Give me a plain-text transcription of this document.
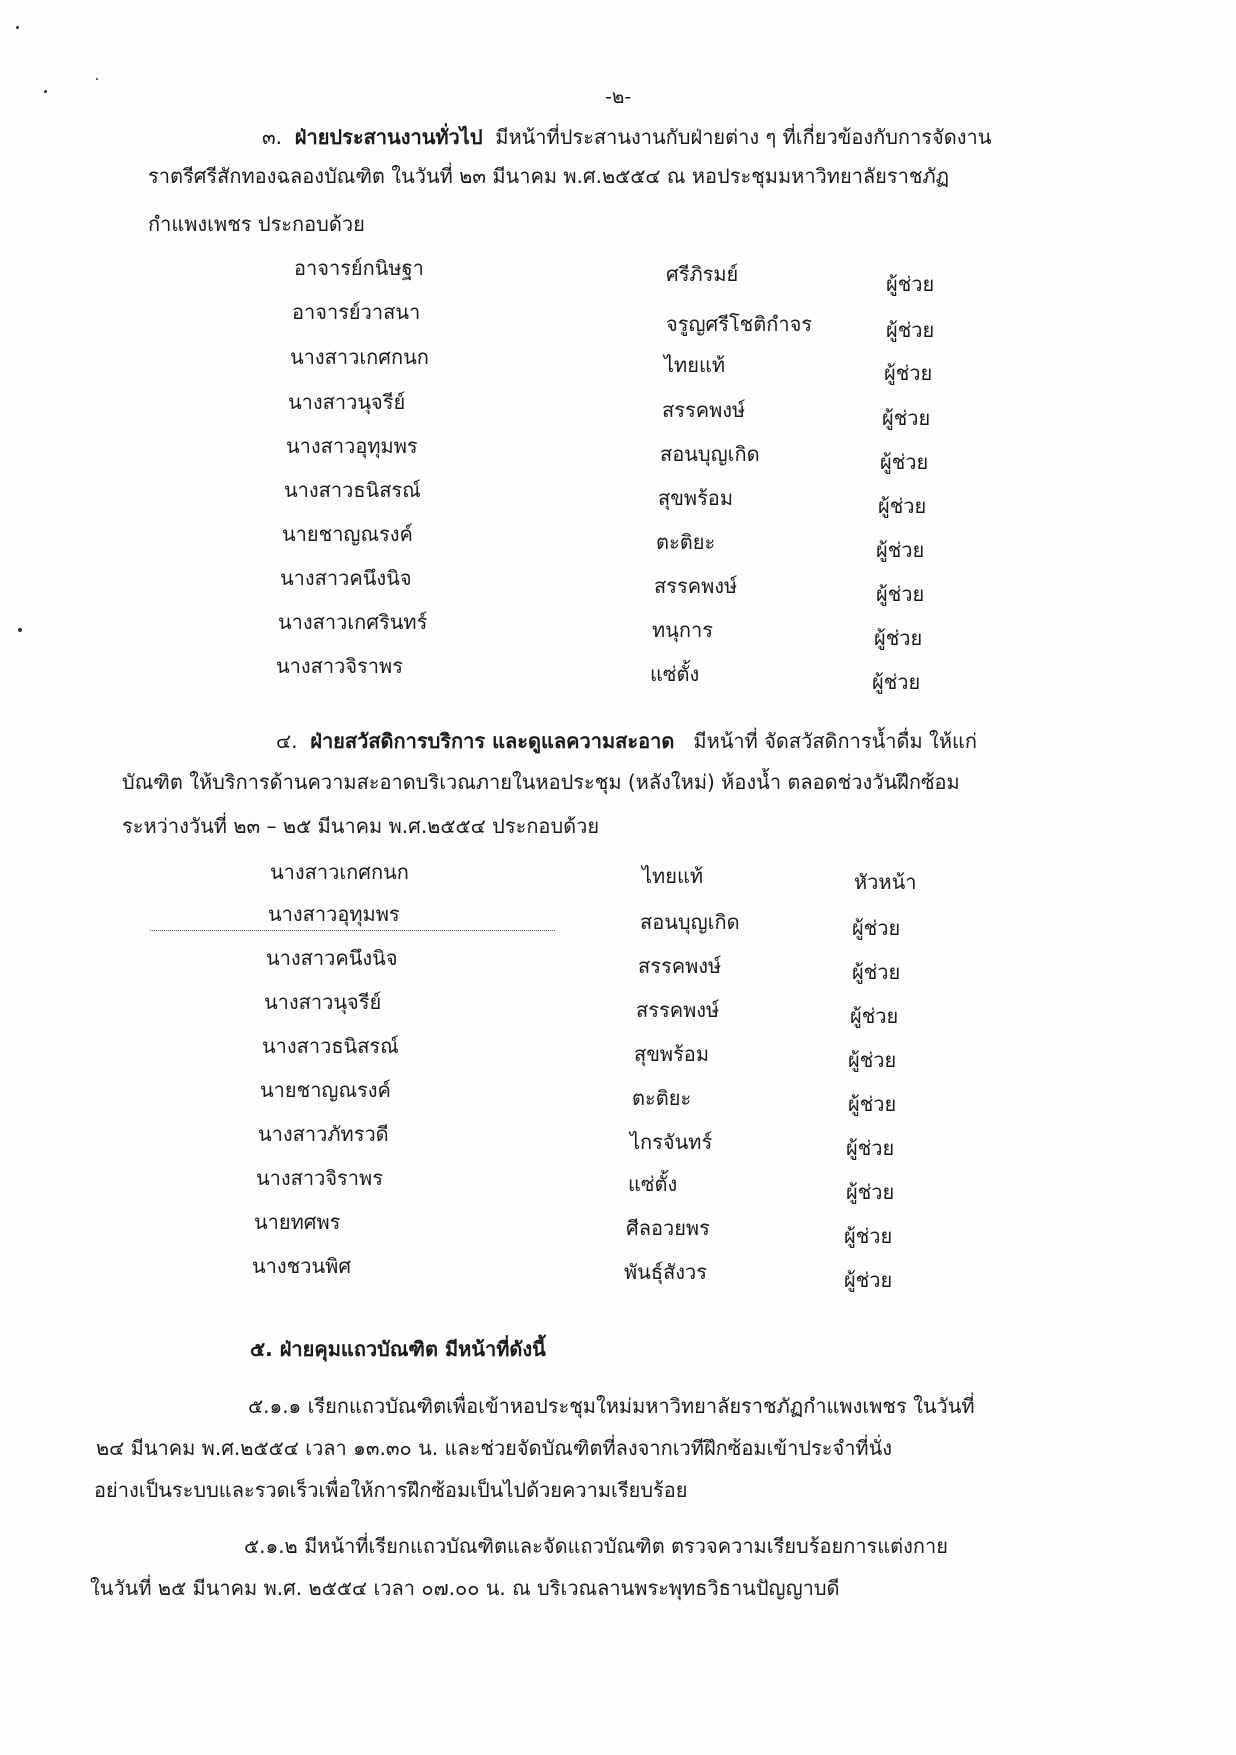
-๒-
๓. ฝ่ายประสานงานทั่วไป มีหน้าที่ประสานงานกับฝ่ายต่าง ๆ ที่เกี่ยวข้องกับการจัดงาน
ราตรีศรีสักทองฉลองบัณฑิต ในวันที่ ๒๓ มีนาคม พ.ศ.๒๕๕๔ ณ หอประชุมมหาวิทยาลัยราชภัฏ
กำแพงเพชร ประกอบด้วย
อาจารย์กนิษฐา	ศรีภิรมย์	ผู้ช่วย
อาจารย์วาสนา	จรูญศรีโชติกำจร	ผู้ช่วย
นางสาวเกศกนก	ไทยแท้	ผู้ช่วย
นางสาวนุจรีย์	สรรคพงษ์	ผู้ช่วย
นางสาวอุทุมพร	สอนบุญเกิด	ผู้ช่วย
นางสาวธนิสรณ์	สุขพร้อม	ผู้ช่วย
นายชาญณรงค์	ตะติยะ	ผู้ช่วย
นางสาวคนึงนิจ	สรรคพงษ์	ผู้ช่วย
นางสาวเกศรินทร์	ทนุการ	ผู้ช่วย
นางสาวจิราพร	แซ่ตั้ง	ผู้ช่วย
๔. ฝ่ายสวัสดิการบริการ และดูแลความสะอาด มีหน้าที่ จัดสวัสดิการน้ำดื่ม ให้แก่
บัณฑิต ให้บริการด้านความสะอาดบริเวณภายในหอประชุม (หลังใหม่) ห้องน้ำ ตลอดช่วงวันฝึกซ้อม
ระหว่างวันที่ ๒๓ – ๒๕ มีนาคม พ.ศ.๒๕๕๔ ประกอบด้วย
นางสาวเกศกนก	ไทยแท้	หัวหน้า
นางสาวอุทุมพร	สอนบุญเกิด	ผู้ช่วย
นางสาวคนึงนิจ	สรรคพงษ์	ผู้ช่วย
นางสาวนุจรีย์	สรรคพงษ์	ผู้ช่วย
นางสาวธนิสรณ์	สุขพร้อม	ผู้ช่วย
นายชาญณรงค์	ตะติยะ	ผู้ช่วย
นางสาวภัทรวดี	ไกรจันทร์	ผู้ช่วย
นางสาวจิราพร	แซ่ตั้ง	ผู้ช่วย
นายทศพร	ศีลอวยพร	ผู้ช่วย
นางชวนพิศ	พันธุ์สังวร	ผู้ช่วย
๕. ฝ่ายคุมแถวบัณฑิต มีหน้าที่ดังนี้
๕.๑.๑ เรียกแถวบัณฑิตเพื่อเข้าหอประชุมใหม่มหาวิทยาลัยราชภัฏกำแพงเพชร ในวันที่
๒๔ มีนาคม พ.ศ.๒๕๕๔ เวลา ๑๓.๓๐ น. และช่วยจัดบัณฑิตที่ลงจากเวทีฝึกซ้อมเข้าประจำที่นั่ง
อย่างเป็นระบบและรวดเร็วเพื่อให้การฝึกซ้อมเป็นไปด้วยความเรียบร้อย
๕.๑.๒ มีหน้าที่เรียกแถวบัณฑิตและจัดแถวบัณฑิต ตรวจความเรียบร้อยการแต่งกาย
ในวันที่ ๒๕ มีนาคม พ.ศ. ๒๕๕๔ เวลา ๐๗.๐๐ น. ณ บริเวณลานพระพุทธวิธานปัญญาบดี
